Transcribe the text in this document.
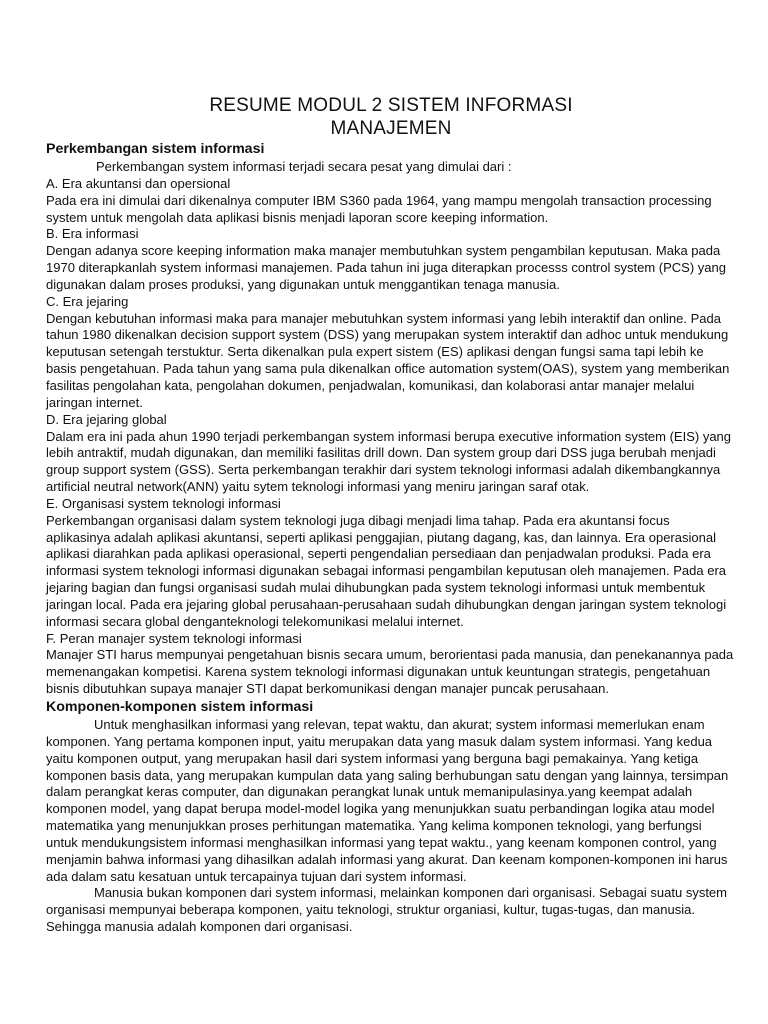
RESUME MODUL 2 SISTEM INFORMASI
MANAJEMEN
Perkembangan sistem informasi

Perkembangan system informasi terjadi secara pesat yang dimulai dari :

A. Era akuntansi dan opersional

Pada era ini dimulai dari dikenalnya computer IBM S360 pada 1964, yang mampu mengolah transaction processing system untuk mengolah data aplikasi bisnis menjadi laporan score keeping information.

B. Era informasi

Dengan adanya score keeping information maka manajer membutuhkan system pengambilan keputusan. Maka pada 1970 diterapkanlah system informasi manajemen. Pada tahun ini juga diterapkan processs control system (PCS) yang digunakan dalam proses produksi, yang digunakan untuk menggantikan tenaga manusia.

C. Era jejaring

Dengan kebutuhan informasi maka para manajer mebutuhkan system informasi yang lebih interaktif dan online. Pada tahun 1980 dikenalkan decision support system (DSS) yang merupakan system interaktif dan adhoc untuk mendukung keputusan setengah terstuktur. Serta dikenalkan pula expert sistem (ES) aplikasi dengan fungsi sama tapi lebih ke basis pengetahuan. Pada tahun yang sama pula dikenalkan office automation system(OAS), system yang memberikan fasilitas pengolahan kata, pengolahan dokumen, penjadwalan, komunikasi, dan kolaborasi antar manajer melalui jaringan internet.

D. Era jejaring global

Dalam era ini pada ahun 1990 terjadi perkembangan system informasi berupa executive information system (EIS) yang lebih antraktif, mudah digunakan, dan memiliki fasilitas drill down. Dan system group dari DSS juga berubah menjadi group support system (GSS). Serta perkembangan terakhir dari system teknologi informasi adalah dikembangkannya artificial neutral network(ANN) yaitu sytem teknologi informasi yang meniru jaringan saraf otak.

E. Organisasi system teknologi informasi

Perkembangan organisasi dalam system teknologi juga dibagi menjadi lima tahap. Pada era akuntansi focus aplikasinya adalah aplikasi akuntansi, seperti aplikasi penggajian, piutang dagang, kas, dan lainnya. Era operasional aplikasi diarahkan pada aplikasi operasional, seperti pengendalian persediaan dan penjadwalan produksi. Pada era informasi system teknologi informasi digunakan sebagai informasi pengambilan keputusan oleh manajemen. Pada era jejaring bagian dan fungsi organisasi sudah mulai dihubungkan pada system teknologi informasi untuk membentuk jaringan local. Pada era jejaring global perusahaan-perusahaan sudah dihubungkan dengan jaringan system teknologi informasi secara global denganteknologi telekomunikasi melalui internet.

F. Peran manajer system teknologi informasi

Manajer STI harus mempunyai pengetahuan bisnis secara umum, berorientasi pada manusia, dan penekanannya pada memenangakan kompetisi. Karena system teknologi informasi digunakan untuk keuntungan strategis, pengetahuan bisnis dibutuhkan supaya manajer STI dapat berkomunikasi dengan manajer puncak perusahaan.

Komponen-komponen sistem informasi

Untuk menghasilkan informasi yang relevan, tepat waktu, dan akurat; system informasi memerlukan enam komponen. Yang pertama komponen input, yaitu merupakan data yang masuk dalam system informasi. Yang kedua yaitu komponen output, yang merupakan hasil dari system informasi yang berguna bagi pemakainya. Yang ketiga komponen basis data, yang merupakan kumpulan data yang saling berhubungan satu dengan yang lainnya, tersimpan dalam perangkat keras computer, dan digunakan perangkat lunak untuk memanipulasinya.yang keempat adalah komponen model, yang dapat berupa model-model logika yang menunjukkan suatu perbandingan logika atau model matematika yang menunjukkan proses perhitungan matematika. Yang kelima komponen teknologi, yang berfungsi untuk mendukungsistem informasi menghasilkan informasi yang tepat waktu., yang keenam komponen control, yang menjamin bahwa informasi yang dihasilkan adalah informasi yang akurat. Dan keenam komponen-komponen ini harus ada dalam satu kesatuan untuk tercapainya tujuan dari system informasi.

Manusia bukan komponen dari system informasi, melainkan komponen dari organisasi. Sebagai suatu system organisasi mempunyai beberapa komponen, yaitu teknologi, struktur organiasi, kultur, tugas-tugas, dan manusia. Sehingga manusia adalah komponen dari organisasi.
